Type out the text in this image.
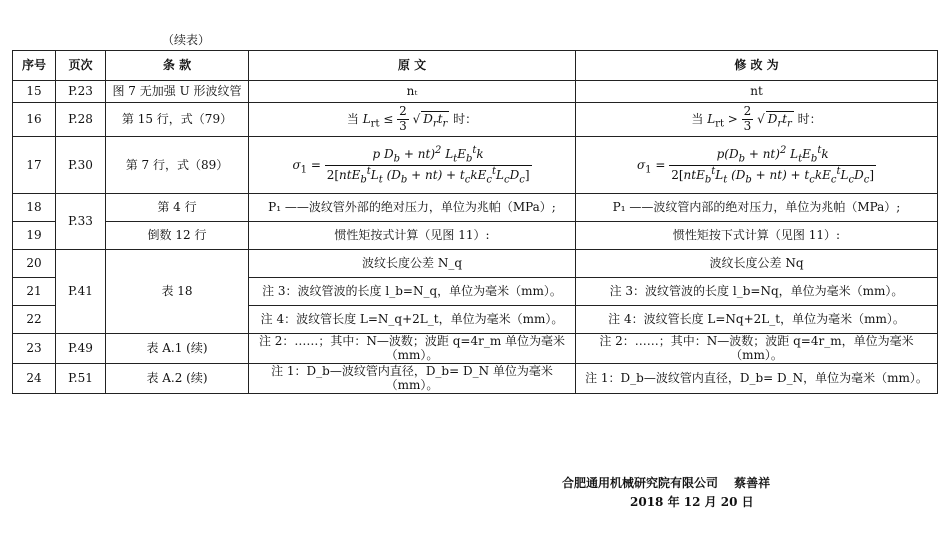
（续表）
序号	页次	条 款	原 文	修 改 为
15	P.23	图 7 无加强 U 形波纹管	nₜ	nt
16	P.28	第 15 行，式（79）	当 $L_{rt} \le \frac{2}{3}$ √ $D_rt_r$ 时：	当 $L_{rt} > \frac{2}{3}$ √ $D_rt_r$ 时：
17	P.30	第 7 行，式（89）	$\sigma_1 = \frac{p D_b + nt)^2 L_tE_b^tk}{2[ntE_b^tL_t (D_b + nt) + t_ckE_c^tL_cD_c]}$	$\sigma_1 = \frac{p(D_b + nt)^2 L_tE_b^tk}{2[ntE_b^tL_t (D_b + nt) + t_ckE_c^tL_cD_c]}$

18	P.33	第 4 行	P₁ ——波纹管外部的绝对压力，单位为兆帕（MPa）;	P₁ ——波纹管内部的绝对压力，单位为兆帕（MPa）;
19		倒数 12 行	惯性矩按式计算（见图 11）:	惯性矩按下式计算（见图 11）:
20	P.41	表 18	波纹长度公差 N_q	波纹长度公差 Nq
21			注 3：波纹管波的长度 l_b=N_q，单位为毫米（mm）。	注 3：波纹管波的长度 l_b=Nq，单位为毫米（mm）。
22			注 4：波纹管长度 L=N_q+2L_t，单位为毫米（mm）。	注 4：波纹管长度 L=Nq+2L_t，单位为毫米（mm）。
23	P.49	表 A.1 (续)	注 2：……；其中：N—波数；波距 q=4r_m 单位为毫米（mm）。	注 2：……；其中：N—波数；波距 q=4r_m，单位为毫米（mm）。
24	P.51	表 A.2 (续)	注 1：D_b—波纹管内直径，D_b= D_N 单位为毫米（mm）。	注 1：D_b—波纹管内直径，D_b= D_N，单位为毫米（mm）。
合肥通用机械研究院有限公司　 蔡善祥
2018 年 12 月 20 日
